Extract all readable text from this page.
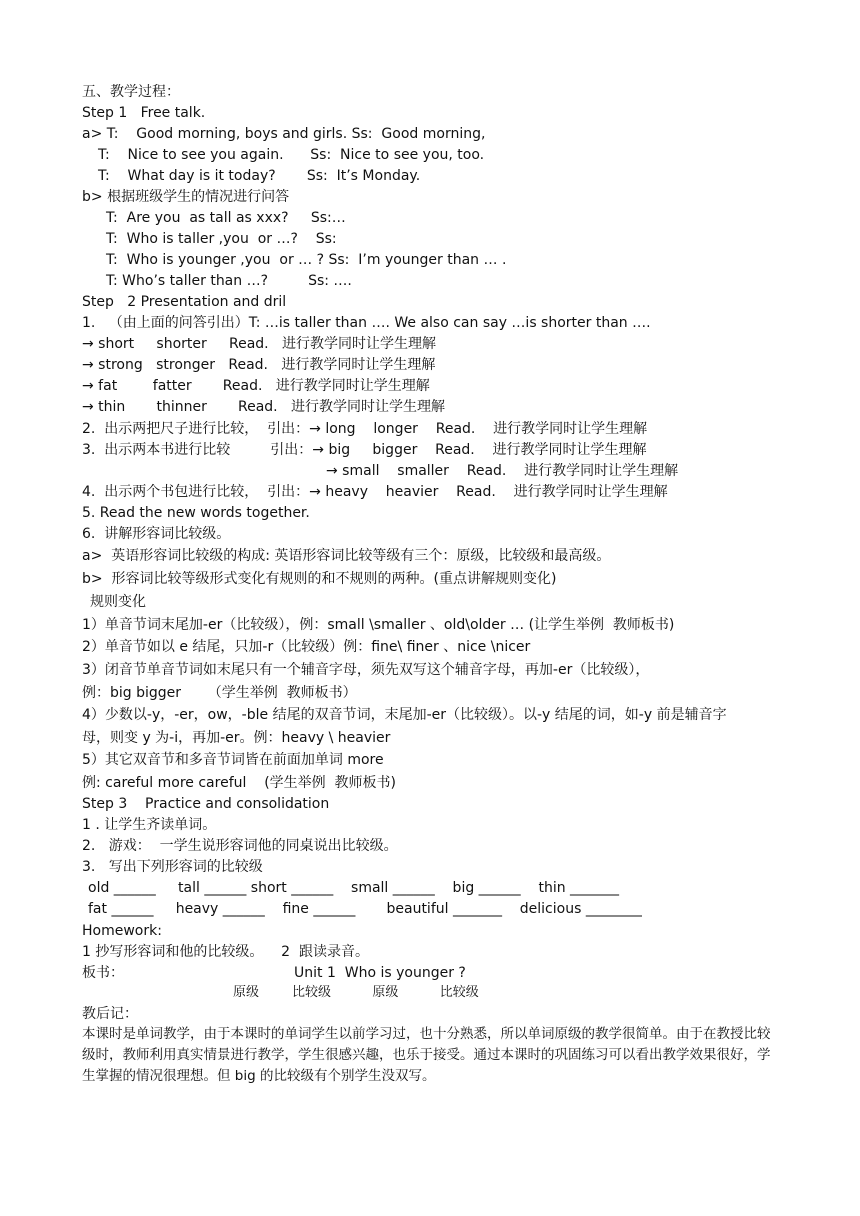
五、教学过程：
Step 1   Free talk.
a> T:    Good morning, boys and girls. Ss:  Good morning,
T:    Nice to see you again.      Ss:  Nice to see you, too.
T:    What day is it today?       Ss:  It’s Monday.
b> 根据班级学生的情况进行问答
T:  Are you  as tall as xxx?     Ss:…
T:  Who is taller ,you  or …?    Ss:
T:  Who is younger ,you  or … ? Ss:  I’m younger than … .
T: Who’s taller than …?         Ss: ….
Step   2 Presentation and dril
1.   （由上面的问答引出）T: …is taller than …. We also can say …is shorter than ….
→ short     shorter     Read.   进行教学同时让学生理解
→ strong   stronger   Read.   进行教学同时让学生理解
→ fat        fatter       Read.   进行教学同时让学生理解
→ thin       thinner       Read.   进行教学同时让学生理解
2.  出示两把尺子进行比较，  引出：→ long    longer    Read.    进行教学同时让学生理解
3.  出示两本书进行比较         引出：→ big     bigger    Read.    进行教学同时让学生理解
→ small    smaller    Read.    进行教学同时让学生理解
4.  出示两个书包进行比较，  引出：→ heavy    heavier    Read.    进行教学同时让学生理解
5. Read the new words together.
6.  讲解形容词比较级。
a>  英语形容词比较级的构成: 英语形容词比较等级有三个：原级，比较级和最高级。
b>  形容词比较等级形式变化有规则的和不规则的两种。(重点讲解规则变化)
规则变化
1）单音节词末尾加-er（比较级），例：small \smaller 、old\older … (让学生举例  教师板书)
2）单音节如以 e 结尾，只加-r（比较级）例：fine\ finer 、nice \nicer
3）闭音节单音节词如末尾只有一个辅音字母，须先双写这个辅音字母，再加-er（比较级），
例：big bigger      （学生举例  教师板书）
4）少数以-y，-er，ow，-ble 结尾的双音节词，末尾加-er（比较级）。以-y 结尾的词，如-y 前是辅音字
母，则变 y 为-i，再加-er。例：heavy \ heavier
5）其它双音节和多音节词皆在前面加单词 more
例: careful more careful    (学生举例  教师板书)
Step 3    Practice and consolidation
1 . 让学生齐读单词。
2.   游戏：  一学生说形容词他的同桌说出比较级。
3.   写出下列形容词的比较级
old ______     tall ______ short ______    small ______    big ______    thin _______
fat ______     heavy ______    fine ______       beautiful _______    delicious ________
Homework:
1 抄写形容词和他的比较级。    2  跟读录音。
板书：	Unit 1  Who is younger ?
原级        比较级          原级          比较级
教后记：
本课时是单词教学，由于本课时的单词学生以前学习过，也十分熟悉，所以单词原级的教学很简单。由于在教授比较级时，教师利用真实情景进行教学，学生很感兴趣，也乐于接受。通过本课时的巩固练习可以看出教学效果很好，学生掌握的情况很理想。但 big 的比较级有个别学生没双写。
